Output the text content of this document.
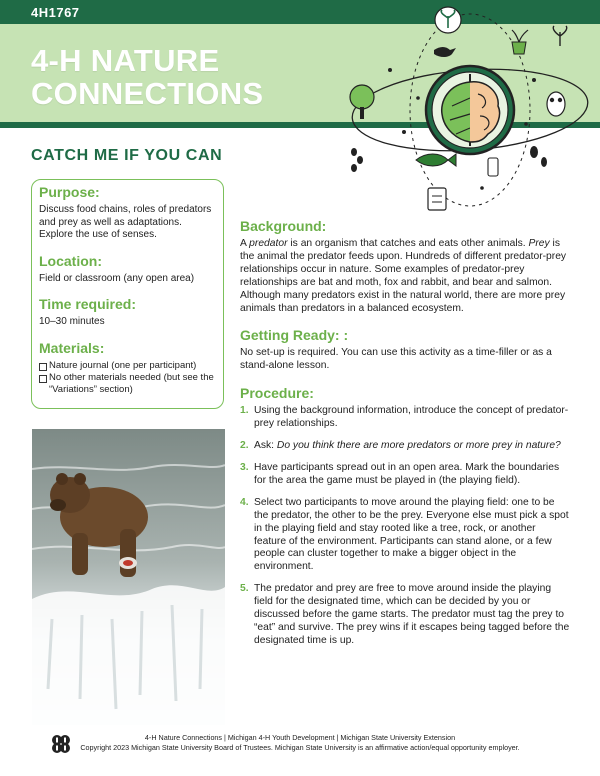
4H1767
4-H NATURE
CONNECTIONS
CATCH ME IF YOU CAN
Purpose:
Discuss food chains, roles of predators and prey as well as adaptations. Explore the use of senses.
Location:
Field or classroom (any open area)
Time required:
10–30 minutes
Materials:
Nature journal (one per participant)
No other materials needed (but see the “Variations” section)
Background:

A predator is an organism that catches and eats other animals. Prey is the animal the predator feeds upon. Hundreds of different predator-prey relationships occur in nature. Some examples of predator-prey relationships are bat and moth, fox and rabbit, and bear and salmon. Although many predators exist in the natural world, there are more prey animals than predators in a balanced ecosystem.

Getting Ready: :

No set-up is required. You can use this activity as a time-filler or as a stand-alone lesson.

Procedure:
1. Using the background information, introduce the concept of predator-prey relationships.
2. Ask: Do you think there are more predators or more prey in nature?
3. Have participants spread out in an open area. Mark the boundaries for the area the game must be played in (the playing field).
4. Select two participants to move around the playing field: one to be the predator, the other to be the prey. Everyone else must pick a spot in the playing field and stay rooted like a tree, rock, or another feature of the environment. Participants can stand alone, or a few people can cluster together to make a bigger object in the environment.
5. The predator and prey are free to move around inside the playing field for the designated time, which can be decided by you or discussed before the game starts. The predator must tag the prey to “eat” and survive. The prey wins if it escapes being tagged before the designated time is up.
4-H Nature Connections | Michigan 4-H Youth Development | Michigan State University Extension
Copyright 2023 Michigan State University Board of Trustees. Michigan State University is an affirmative action/equal opportunity employer.
